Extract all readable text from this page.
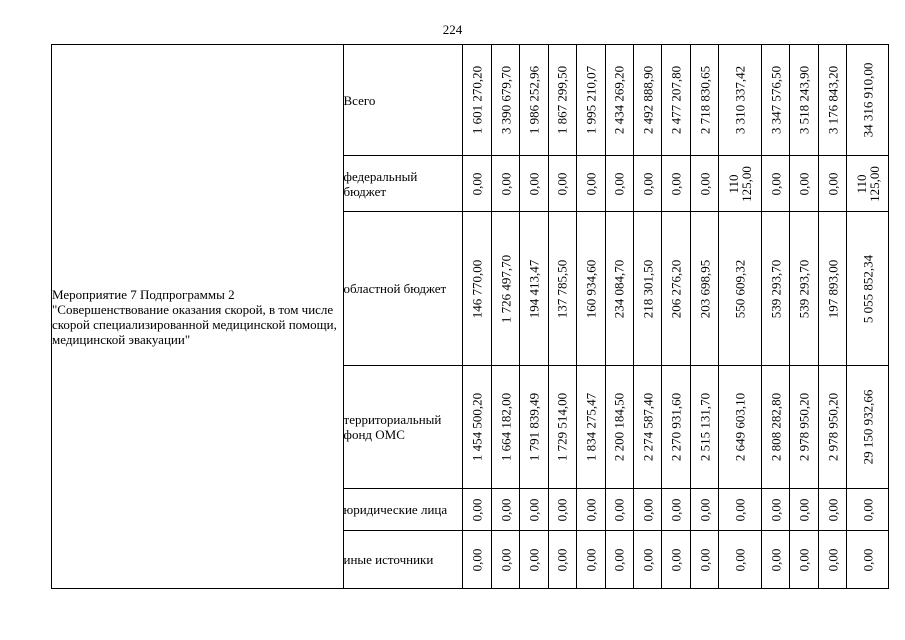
224
Мероприятие 7 Подпрограммы 2 "Совершенствование оказания скорой, в том числе скорой специализированной медицинской помощи, медицинской эвакуации"	Всего	1 601 270,20	3 390 679,70	1 986 252,96	1 867 299,50	1 995 210,07	2 434 269,20	2 492 888,90	2 477 207,80	2 718 830,65	3 310 337,42	3 347 576,50	3 518 243,90	3 176 843,20	34 316 910,00

	федеральный бюджет	0,00	0,00	0,00	0,00	0,00	0,00	0,00	0,00	0,00	110 125,00	0,00	0,00	0,00	110 125,00

	областной бюджет	146 770,00	1 726 497,70	194 413,47	137 785,50	160 934,60	234 084,70	218 301,50	206 276,20	203 698,95	550 609,32	539 293,70	539 293,70	197 893,00	5 055 852,34

	территориальный фонд ОМС	1 454 500,20	1 664 182,00	1 791 839,49	1 729 514,00	1 834 275,47	2 200 184,50	2 274 587,40	2 270 931,60	2 515 131,70	2 649 603,10	2 808 282,80	2 978 950,20	2 978 950,20	29 150 932,66

	юридические лица	0,00	0,00	0,00	0,00	0,00	0,00	0,00	0,00	0,00	0,00	0,00	0,00	0,00	0,00

	иные источники	0,00	0,00	0,00	0,00	0,00	0,00	0,00	0,00	0,00	0,00	0,00	0,00	0,00	0,00
